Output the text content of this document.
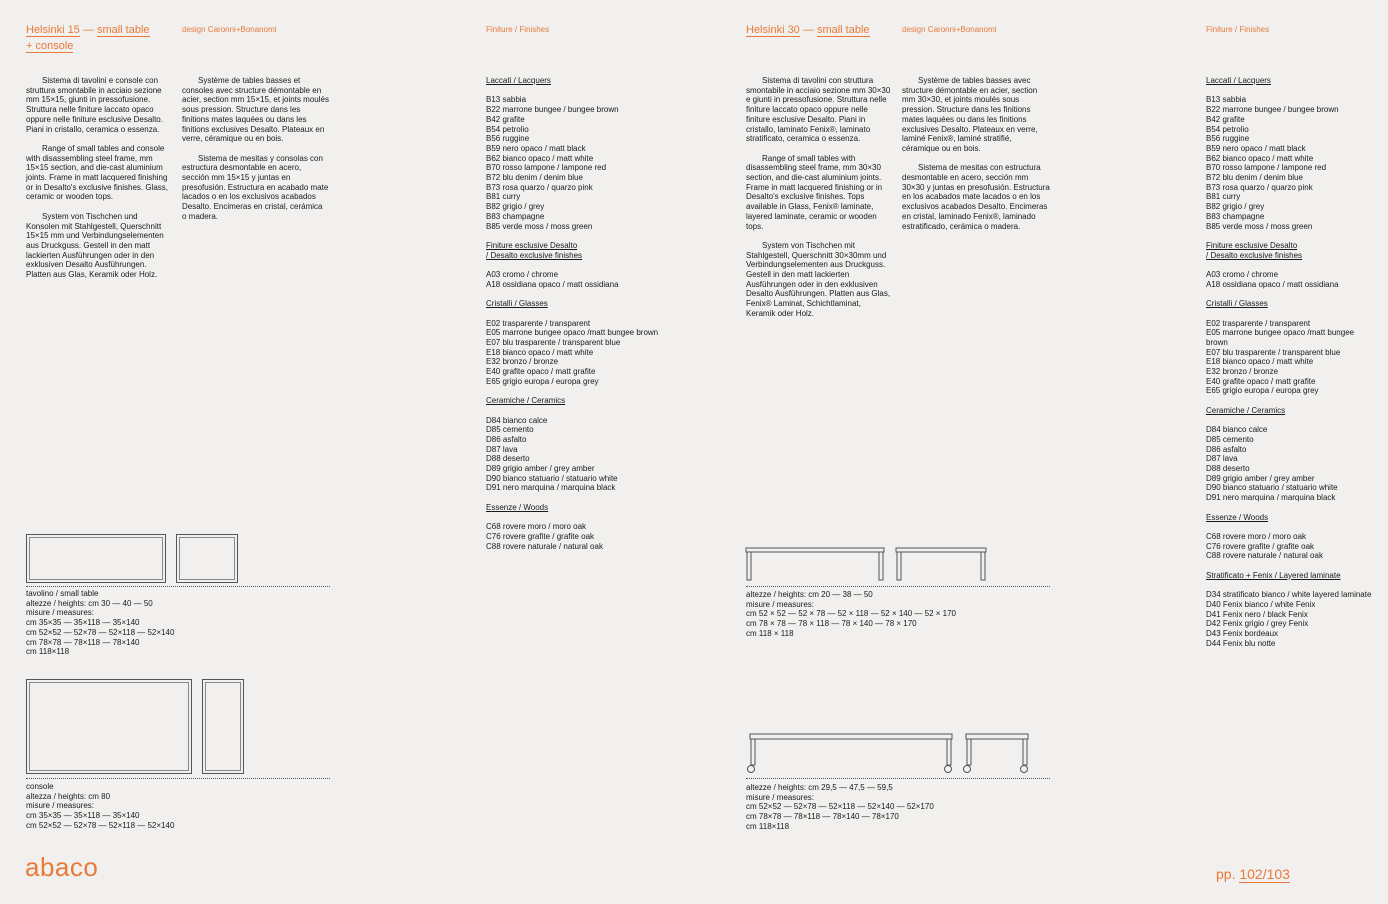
Helsinki 15 — small table
+ console
design Caronni+Bonanomi	Finiture / Finishes

Sistema di tavolini e console con struttura smontabile in acciaio sezione mm 15×15, giunti in pressofusione. Struttura nelle finiture laccato opaco oppure nelle finiture esclusive Desalto. Piani in cristallo, ceramica o essenza.

Range of small tables and console with disassembling steel frame, mm 15×15 section, and die-cast aluminium joints. Frame in matt lacquered finishing or in Desalto's exclusive finishes. Glass, ceramic or wooden tops.

System von Tischchen und Konsolen mit Stahlgestell, Querschnitt 15×15 mm und Verbindungselementen aus Druckguss. Gestell in den matt lackierten Ausführungen oder in den exklusiven Desalto Ausführungen. Platten aus Glas, Keramik oder Holz.

Système de tables basses et consoles avec structure démontable en acier, section mm 15×15, et joints moulés sous pression. Structure dans les finitions mates laquées ou dans les finitions exclusives Desalto. Plateaux en verre, céramique ou en bois.

Sistema de mesitas y consolas con estructura desmontable en acero, sección mm 15×15 y juntas en presofusión. Estructura en acabado mate lacados o en los exclusivos acabados Desalto. Encimeras en cristal, cerámica o madera.

Laccati / Lacquers
B13 sabbia
B22 marrone bungee / bungee brown
B42 grafite
B54 petrolio
B56 ruggine
B59 nero opaco / matt black
B62 bianco opaco / matt white
B70 rosso lampone / lampone red
B72 blu denim / denim blue
B73 rosa quarzo / quarzo pink
B81 curry
B82 grigio / grey
B83 champagne
B85 verde moss / moss green
Finiture esclusive Desalto
/ Desalto exclusive finishes
A03 cromo / chrome
A18 ossidiana opaco / matt ossidiana
Cristalli / Glasses
E02 trasparente / transparent
E05 marrone bungee opaco /matt bungee brown
E07 blu trasparente / transparent blue
E18 bianco opaco / matt white
E32 bronzo / bronze
E40 grafite opaco / matt grafite
E65 grigio europa / europa grey
Ceramiche / Ceramics
D84 bianco calce
D85 cemento
D86 asfalto
D87 lava
D88 deserto
D89 grigio amber / grey amber
D90 bianco statuario / statuario white
D91 nero marquina / marquina black
Essenze / Woods
C68 rovere moro / moro oak
C76 rovere grafite / grafite oak
C88 rovere naturale / natural oak
tavolino / small table
altezze / heights: cm 30 — 40 — 50
misure / measures:
cm 35×35 — 35×118 — 35×140
cm 52×52 — 52×78 — 52×118 — 52×140
cm 78×78 — 78×118 — 78×140
cm 118×118
console
altezza / heights: cm 80
misure / measures:
cm 35×35 — 35×118 — 35×140
cm 52×52 — 52×78 — 52×118 — 52×140
abaco
Helsinki 30 — small table	design Caronni+Bonanomi	Finiture / Finishes

Sistema di tavolini con struttura smontabile in acciaio sezione mm 30×30 e giunti in pressofusione. Struttura nelle finiture laccato opaco oppure nelle finiture esclusive Desalto. Piani in cristallo, laminato Fenix®, laminato stratificato, ceramica o essenza.

Range of small tables with disassembling steel frame, mm 30×30 section, and die-cast aluminium joints. Frame in matt lacquered finishing or in Desalto's exclusive finishes. Tops available in Glass, Fenix® laminate, layered laminate, ceramic or wooden tops.

System von Tischchen mit Stahlgestell, Querschnitt 30×30mm und Verbindungselementen aus Druckguss. Gestell in den matt lackierten Ausführungen oder in den exklusiven Desalto Ausführungen. Platten aus Glas, Fenix® Laminat, Schichtlaminat, Keramik oder Holz.

Système de tables basses avec structure démontable en acier, section mm 30×30, et joints moulés sous pression. Structure dans les finitions mates laquées ou dans les finitions exclusives Desalto. Plateaux en verre, laminé Fenix®, laminé stratifié, céramique ou en bois.

Sistema de mesitas con estructura desmontable en acero, sección mm 30×30 y juntas en presofusión. Estructura en los acabados mate lacados o en los exclusivos acabados Desalto. Encimeras en cristal, laminado Fenix®, laminado estratificado, cerámica o madera.

Laccati / Lacquers
B13 sabbia
B22 marrone bungee / bungee brown
B42 grafite
B54 petrolio
B56 ruggine
B59 nero opaco / matt black
B62 bianco opaco / matt white
B70 rosso lampone / lampone red
B72 blu denim / denim blue
B73 rosa quarzo / quarzo pink
B81 curry
B82 grigio / grey
B83 champagne
B85 verde moss / moss green
Finiture esclusive Desalto
/ Desalto exclusive finishes
A03 cromo / chrome
A18 ossidiana opaco / matt ossidiana
Cristalli / Glasses
E02 trasparente / transparent
E05 marrone bungee opaco /matt bungee brown
E07 blu trasparente / transparent blue
E18 bianco opaco / matt white
E32 bronzo / bronze
E40 grafite opaco / matt grafite
E65 grigio europa / europa grey
Ceramiche / Ceramics
D84 bianco calce
D85 cemento
D86 asfalto
D87 lava
D88 deserto
D89 grigio amber / grey amber
D90 bianco statuario / statuario white
D91 nero marquina / marquina black
Essenze / Woods
C68 rovere moro / moro oak
C76 rovere grafite / grafite oak
C88 rovere naturale / natural oak
Stratificato + Fenix / Layered laminate
D34 stratificato bianco / white layered laminate
D40 Fenix bianco / white Fenix
D41 Fenix nero / black Fenix
D42 Fenix grigio / grey Fenix
D43 Fenix bordeaux
D44 Fenix blu notte
altezze / heights: cm 20 — 38 — 50
misure / measures:
cm 52 × 52 — 52 × 78 — 52 × 118 — 52 × 140 — 52 × 170
cm 78 × 78 — 78 × 118 — 78 × 140 — 78 × 170
cm 118 × 118
altezze / heights: cm 29,5 — 47,5 — 59,5
misure / measures:
cm 52×52 — 52×78 — 52×118 — 52×140 — 52×170
cm 78×78 — 78×118 — 78×140 — 78×170
cm 118×118
pp. 102/103
